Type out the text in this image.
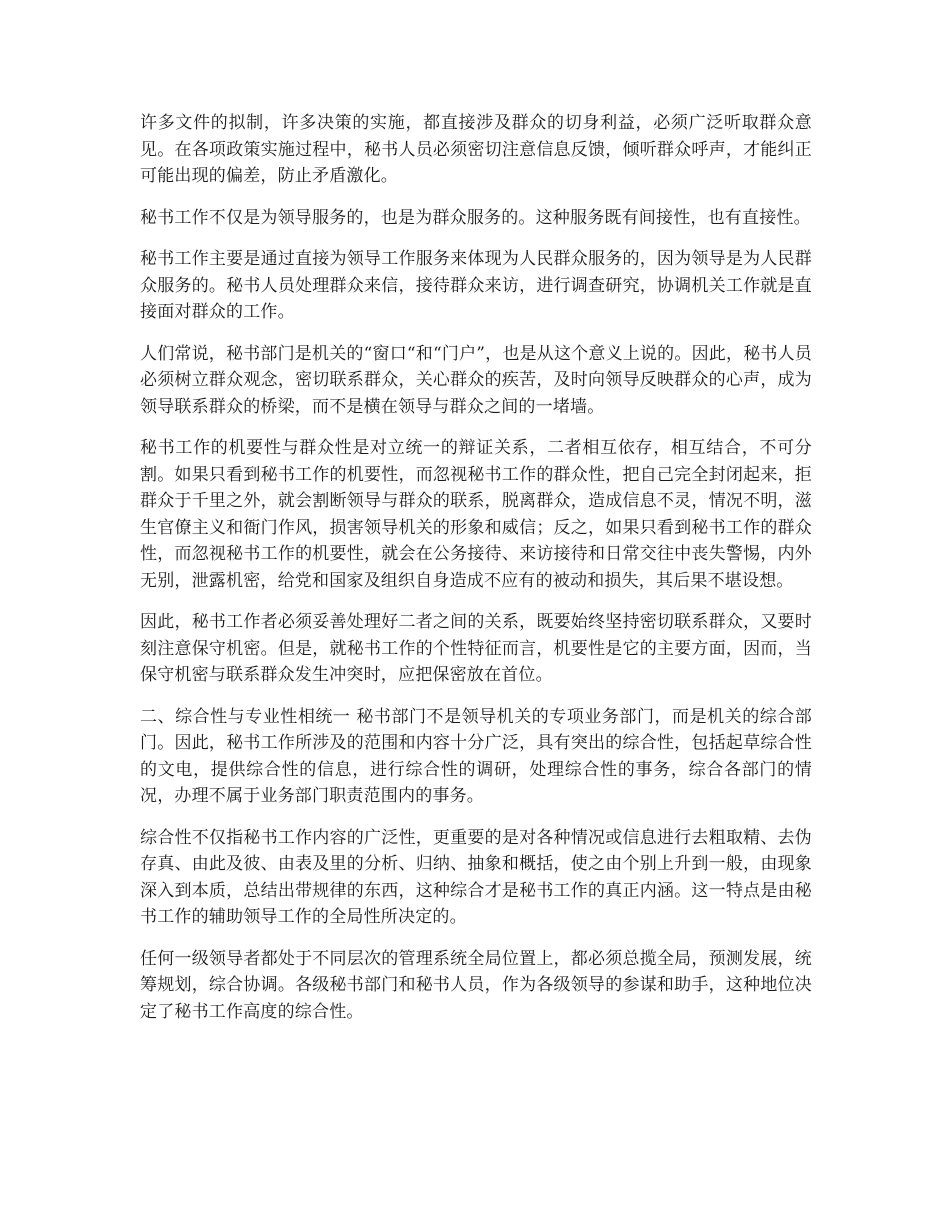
许多文件的拟制，许多决策的实施，都直接涉及群众的切身利益，必须广泛听取群众意见。在各项政策实施过程中，秘书人员必须密切注意信息反馈，倾听群众呼声，才能纠正可能出现的偏差，防止矛盾激化。

秘书工作不仅是为领导服务的，也是为群众服务的。这种服务既有间接性，也有直接性。

秘书工作主要是通过直接为领导工作服务来体现为人民群众服务的，因为领导是为人民群众服务的。秘书人员处理群众来信，接待群众来访，进行调查研究，协调机关工作就是直接面对群众的工作。

人们常说，秘书部门是机关的“窗口“和“门户”，也是从这个意义上说的。因此，秘书人员必须树立群众观念，密切联系群众，关心群众的疾苦，及时向领导反映群众的心声，成为领导联系群众的桥梁，而不是横在领导与群众之间的一堵墙。

秘书工作的机要性与群众性是对立统一的辩证关系，二者相互依存，相互结合，不可分割。如果只看到秘书工作的机要性，而忽视秘书工作的群众性，把自己完全封闭起来，拒群众于千里之外，就会割断领导与群众的联系，脱离群众，造成信息不灵，情况不明，滋生官僚主义和衙门作风，损害领导机关的形象和威信；反之，如果只看到秘书工作的群众性，而忽视秘书工作的机要性，就会在公务接待、来访接待和日常交往中丧失警惕，内外无别，泄露机密，给党和国家及组织自身造成不应有的被动和损失，其后果不堪设想。

因此，秘书工作者必须妥善处理好二者之间的关系，既要始终坚持密切联系群众，又要时刻注意保守机密。但是，就秘书工作的个性特征而言，机要性是它的主要方面，因而，当保守机密与联系群众发生冲突时，应把保密放在首位。

二、综合性与专业性相统一 秘书部门不是领导机关的专项业务部门，而是机关的综合部门。因此，秘书工作所涉及的范围和内容十分广泛，具有突出的综合性，包括起草综合性的文电，提供综合性的信息，进行综合性的调研，处理综合性的事务，综合各部门的情况，办理不属于业务部门职责范围内的事务。

综合性不仅指秘书工作内容的广泛性，更重要的是对各种情况或信息进行去粗取精、去伪存真、由此及彼、由表及里的分析、归纳、抽象和概括，使之由个别上升到一般，由现象深入到本质，总结出带规律的东西，这种综合才是秘书工作的真正内涵。这一特点是由秘书工作的辅助领导工作的全局性所决定的。

任何一级领导者都处于不同层次的管理系统全局位置上，都必须总揽全局，预测发展，统筹规划，综合协调。各级秘书部门和秘书人员，作为各级领导的参谋和助手，这种地位决定了秘书工作高度的综合性。
